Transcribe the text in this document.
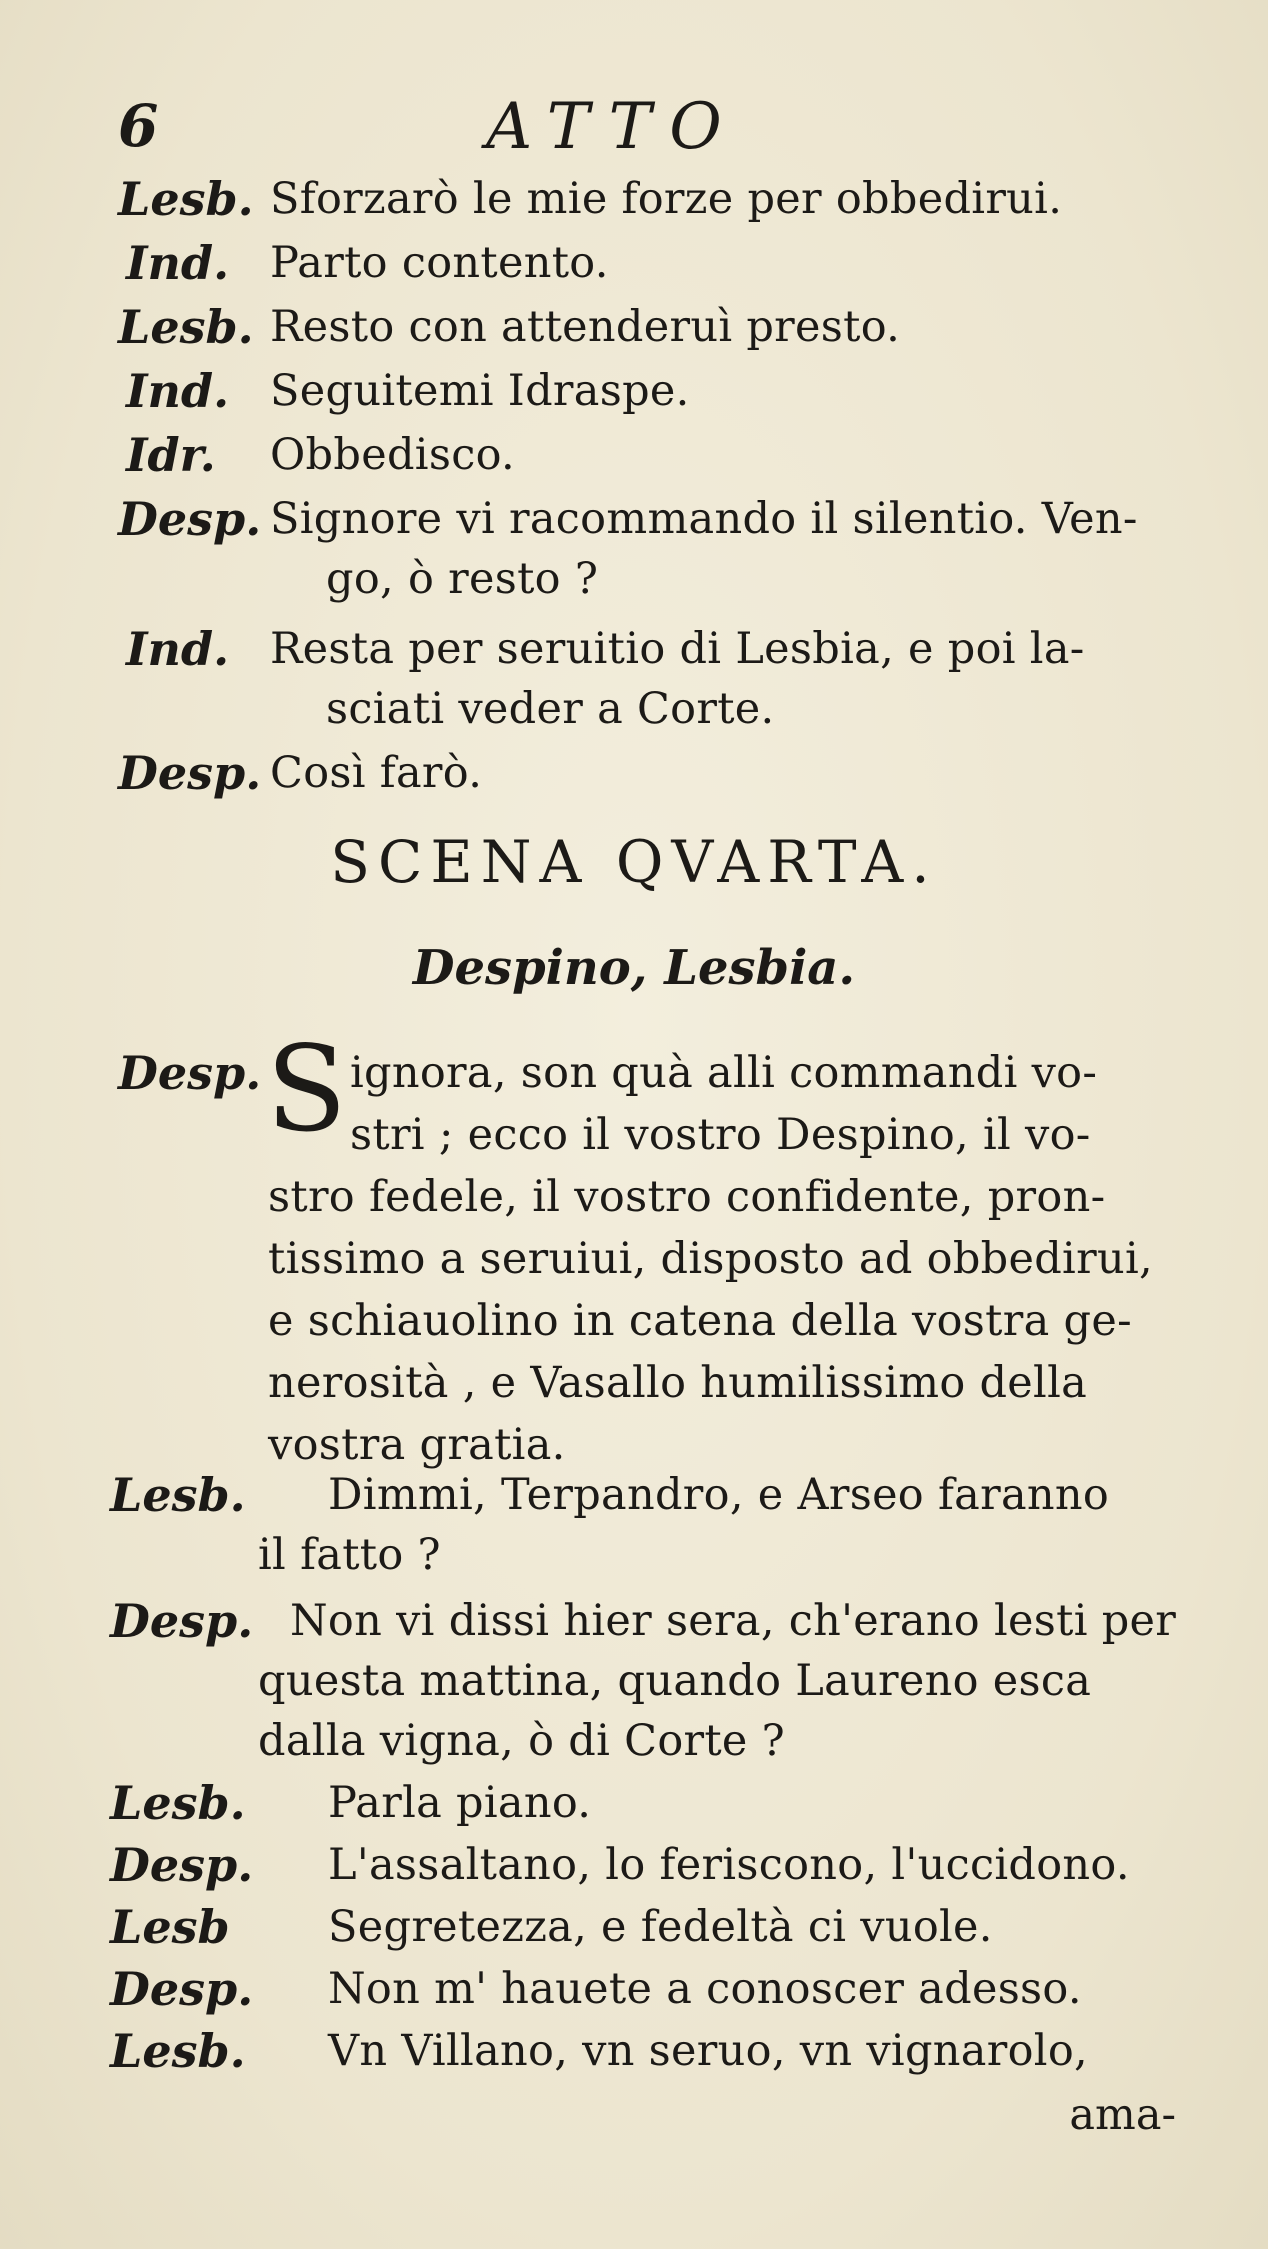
6	ATTO
Lesb. Sforzarò le mie forze per obbedirui.
Ind. Parto contento.
Lesb. Resto con attenderuì presto.
Ind. Seguitemi Idraspe.
Idr. Obbedisco.
Desp. Signore vi racommando il silentio. Ven-
go, ò resto ?
Ind. Resta per seruitio di Lesbia, e poi la-
sciati veder a Corte.
Desp. Così farò.
SCENA QVARTA.
Despino, Lesbia.
Desp. S ignora, son quà alli commandi vo-
stri ; ecco il vostro Despino, il vo-
stro fedele, il vostro confidente, pron-
tissimo a seruiui, disposto ad obbedirui,
e schiauolino in catena della vostra ge-
nerosità , e Vasallo humilissimo della
vostra gratia.
Lesb. Dimmi, Terpandro, e Arseo faranno
il fatto ?
Desp. Non vi dissi hier sera, ch'erano lesti per
questa mattina, quando Laureno esca
dalla vigna, ò di Corte ?
Lesb. Parla piano.
Desp. L'assaltano, lo feriscono, l'uccidono.
Lesb Segretezza, e fedeltà ci vuole.
Desp. Non m' hauete a conoscer adesso.
Lesb. Vn Villano, vn seruo, vn vignarolo,
ama-
